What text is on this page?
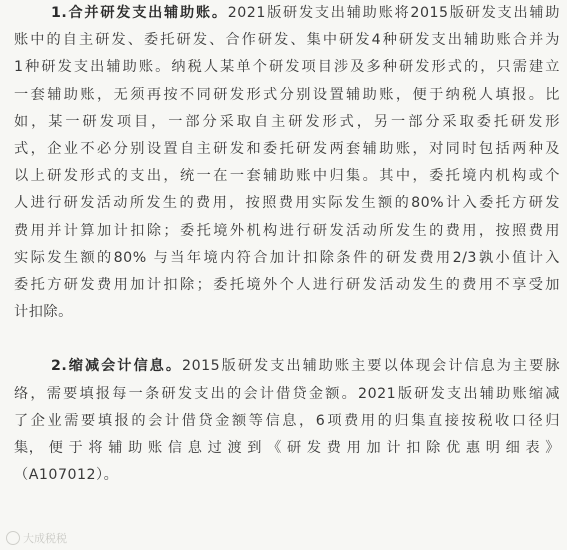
1.合并研发支出辅助账。2021版研发支出辅助账将2015版研发支出辅助
账中的自主研发、委托研发、合作研发、集中研发4种研发支出辅助账合并为
1种研发支出辅助账。纳税人某单个研发项目涉及多种研发形式的，只需建立
一套辅助账，无须再按不同研发形式分别设置辅助账，便于纳税人填报。比
如，某一研发项目，一部分采取自主研发形式，另一部分采取委托研发形
式，企业不必分别设置自主研发和委托研发两套辅助账，对同时包括两种及
以上研发形式的支出，统一在一套辅助账中归集。其中，委托境内机构或个
人进行研发活动所发生的费用，按照费用实际发生额的80%计入委托方研发
费用并计算加计扣除；委托境外机构进行研发活动所发生的费用，按照费用
实际发生额的80% 与当年境内符合加计扣除条件的研发费用2/3孰小值计入
委托方研发费用加计扣除；委托境外个人进行研发活动发生的费用不享受加
计扣除。
2.缩减会计信息。2015版研发支出辅助账主要以体现会计信息为主要脉
络，需要填报每一条研发支出的会计借贷金额。2021版研发支出辅助账缩减
了企业需要填报的会计借贷金额等信息，6项费用的归集直接按税收口径归
集， 便 于 将 辅 助 账 信 息 过 渡 到 《 研 发 费 用 加 计 扣 除 优 惠 明 细 表 》
（A107012）。
大成税税
